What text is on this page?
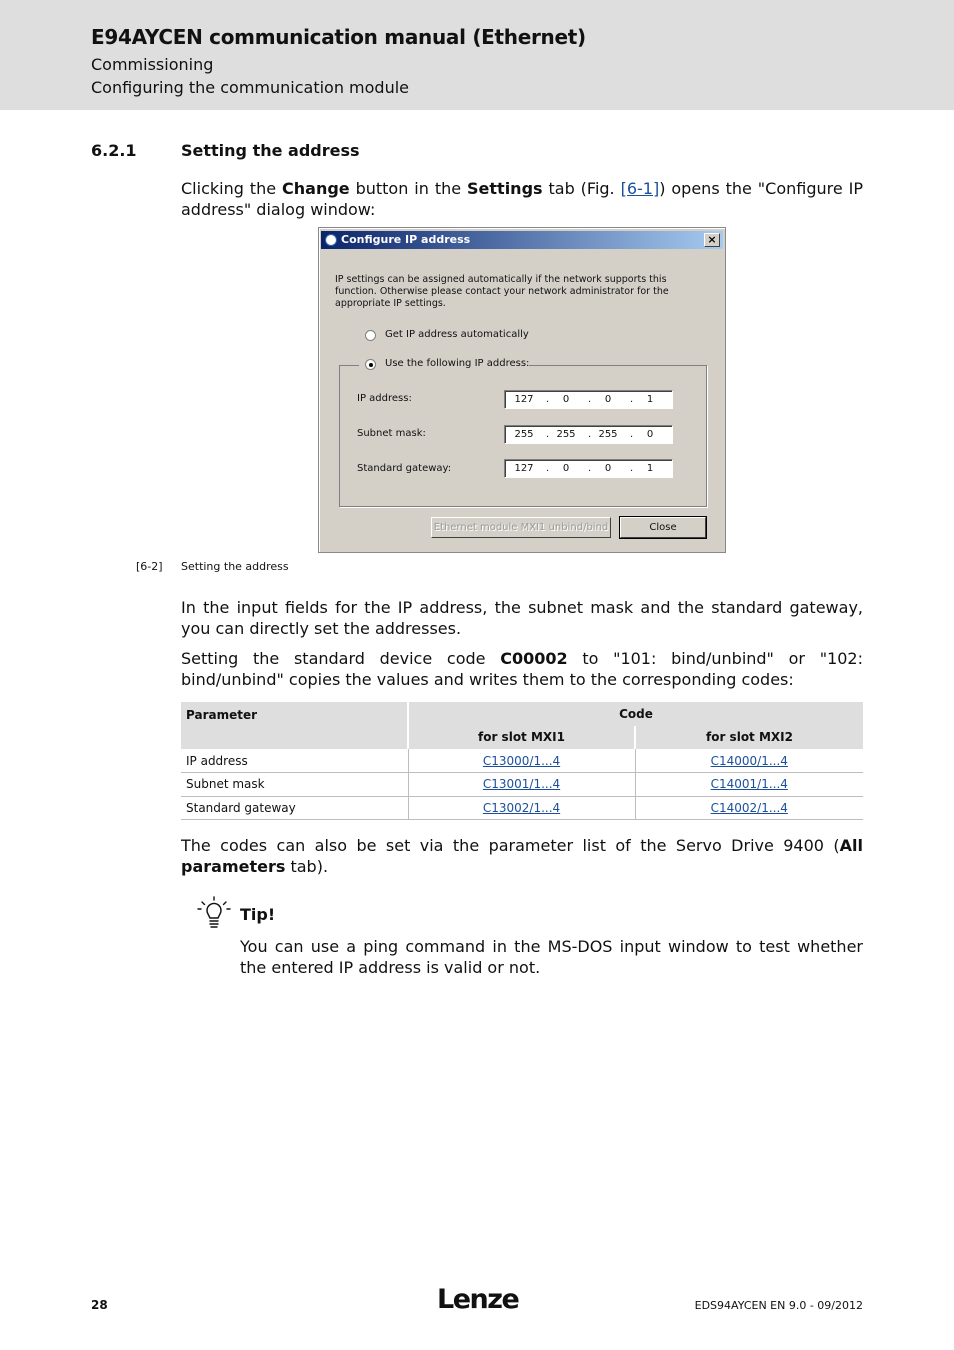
E94AYCEN communication manual (Ethernet)
Commissioning
Configuring the communication module
6.2.1	Setting the address
Clicking the Change button in the Settings tab (Fig. [6-1]) opens the "Configure IP address" dialog window:
Configure IP address	×
IP settings can be assigned automatically if the network supports this function. Otherwise please contact your network administrator for the appropriate IP settings.
Get IP address automatically
Use the following IP address:
IP address:	127	.	0	.	0	.	1
Subnet mask:	255	. 255	. 255	.	0
Standard gateway:	127	.	0	.	0	.	1
Ethernet module MXI1 unbind/bind	Close
[6-2] Setting the address
In the input fields for the IP address, the subnet mask and the standard gateway, you can directly set the addresses.
Setting the standard device code C00002 to "101: bind/unbind" or "102: bind/unbind" copies the values and writes them to the corresponding codes:
Parameter	Code	
	for slot MXI1	for slot MXI2
IP address	C13000/1...4	C14000/1...4
Subnet mask	C13001/1...4	C14001/1...4
Standard gateway	C13002/1...4	C14002/1...4
The codes can also be set via the parameter list of the Servo Drive 9400 (All parameters tab).
Tip!
You can use a ping command in the MS-DOS input window to test whether the entered IP address is valid or not.
28	Lenze	EDS94AYCEN EN 9.0 - 09/2012
